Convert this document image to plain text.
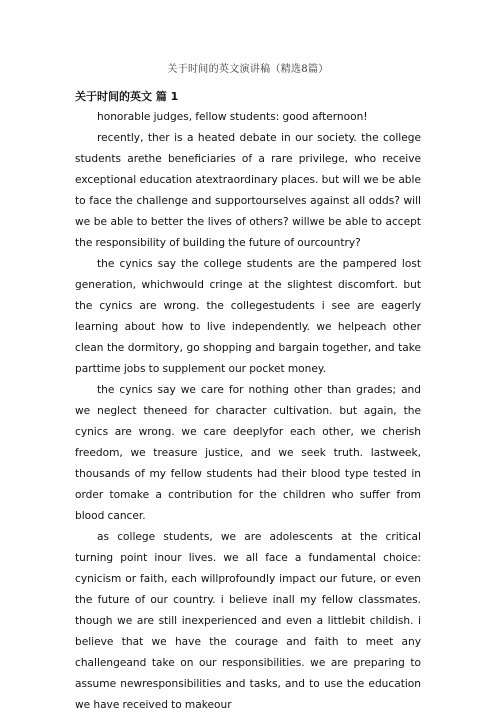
关于时间的英文演讲稿（精选8篇）

关于时间的英文 篇 1

honorable judges, fellow students: good afternoon!

recently, ther is a heated debate in our society. the college students arethe beneficiaries of a rare privilege, who receive exceptional education atextraordinary places. but will we be able to face the challenge and supportourselves against all odds? will we be able to better the lives of others? willwe be able to accept the responsibility of building the future of ourcountry?

the cynics say the college students are the pampered lost generation, whichwould cringe at the slightest discomfort. but the cynics are wrong. the collegestudents i see are eagerly learning about how to live independently. we helpeach other clean the dormitory, go shopping and bargain together, and take parttime jobs to supplement our pocket money.

the cynics say we care for nothing other than grades; and we neglect theneed for character cultivation. but again, the cynics are wrong. we care deeplyfor each other, we cherish freedom, we treasure justice, and we seek truth. lastweek, thousands of my fellow students had their blood type tested in order tomake a contribution for the children who suffer from blood cancer.

as college students, we are adolescents at the critical turning point inour lives. we all face a fundamental choice: cynicism or faith, each willprofoundly impact our future, or even the future of our country. i believe inall my fellow classmates. though we are still inexperienced and even a littlebit childish. i believe that we have the courage and faith to meet any challengeand take on our responsibilities. we are preparing to assume newresponsibilities and tasks, and to use the education we have received to makeour
